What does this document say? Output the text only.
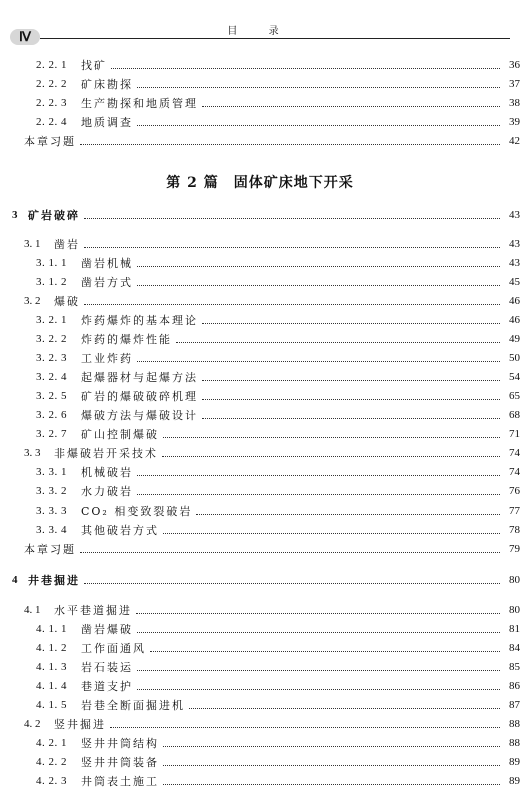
Ⅳ	目 录
2. 2. 1	找矿	36
2. 2. 2	矿床勘探	37
2. 2. 3	生产勘探和地质管理	38
2. 2. 4	地质调查	39
本章习题	42
第 2 篇　固体矿床地下开采
3 矿岩破碎	43
3. 1	凿岩	43
3. 1. 1	凿岩机械	43
3. 1. 2	凿岩方式	45
3. 2	爆破	46
3. 2. 1	炸药爆炸的基本理论	46
3. 2. 2	炸药的爆炸性能	49
3. 2. 3	工业炸药	50
3. 2. 4	起爆器材与起爆方法	54
3. 2. 5	矿岩的爆破破碎机理	65
3. 2. 6	爆破方法与爆破设计	68
3. 2. 7	矿山控制爆破	71
3. 3	非爆破岩开采技术	74
3. 3. 1	机械破岩	74
3. 3. 2	水力破岩	76
3. 3. 3	CO₂ 相变致裂破岩	77
3. 3. 4	其他破岩方式	78
本章习题	79
4 井巷掘进	80
4. 1	水平巷道掘进	80
4. 1. 1	凿岩爆破	81
4. 1. 2	工作面通风	84
4. 1. 3	岩石装运	85
4. 1. 4	巷道支护	86
4. 1. 5	岩巷全断面掘进机	87
4. 2	竖井掘进	88
4. 2. 1	竖井井筒结构	88
4. 2. 2	竖井井筒装备	89
4. 2. 3	井筒表土施工	89
